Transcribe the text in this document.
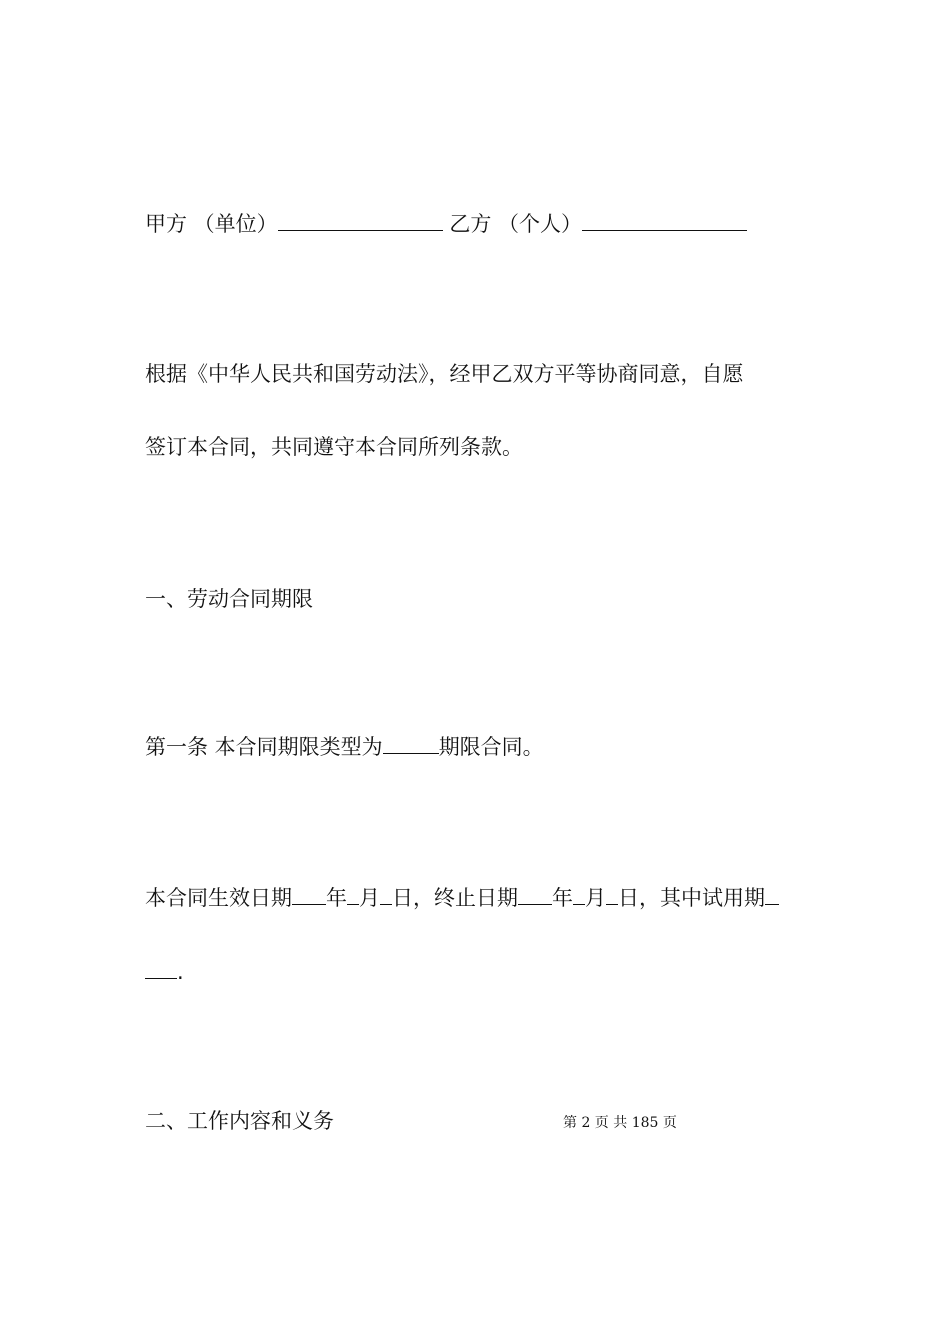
甲方 （单位）	乙方 （个人）
根据《中华人民共和国劳动法》，经甲乙双方平等协商同意，自愿
签订本合同，共同遵守本合同所列条款。
一、劳动合同期限
第一条 本合同期限类型为	期限合同。
本合同生效日期 年 月 日，终止日期 年 月 日，其中试用期
.
二、工作内容和义务	第 2 页 共 185 页
